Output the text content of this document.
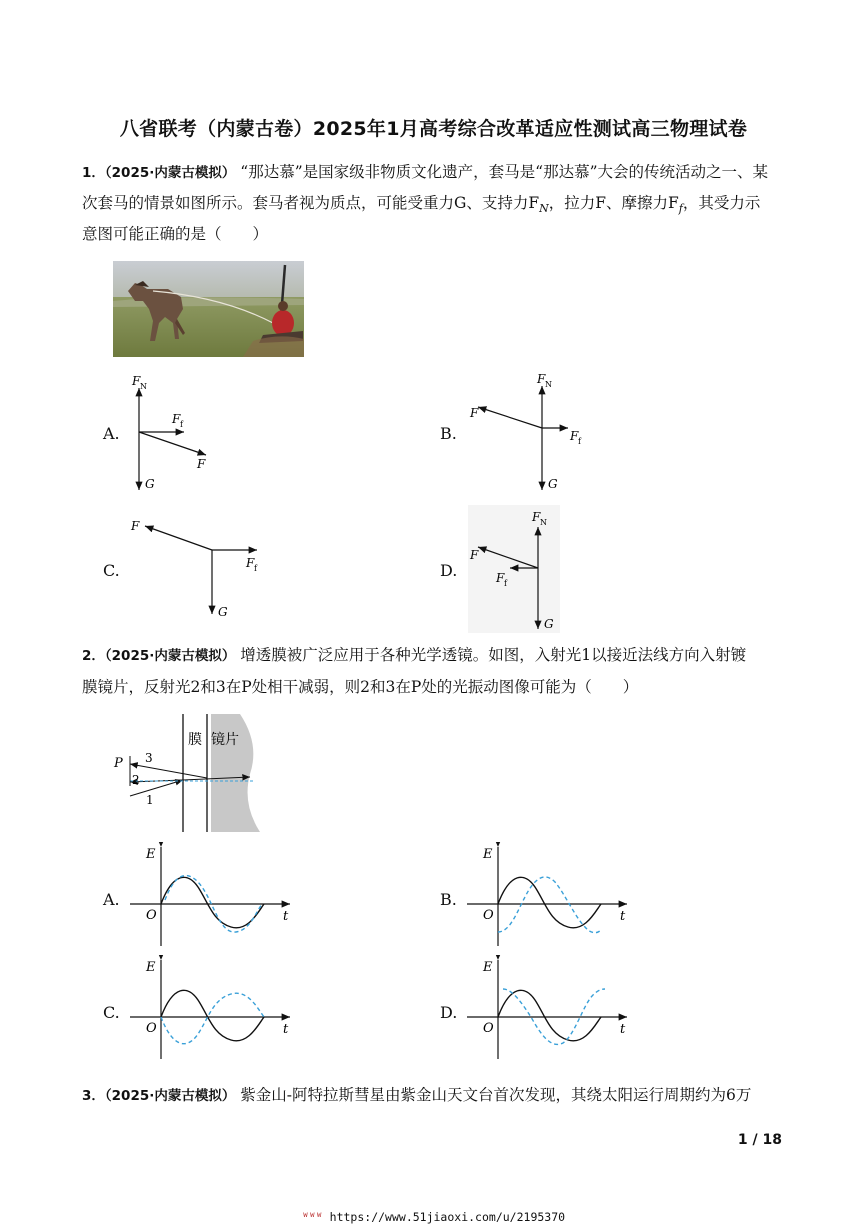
八省联考（内蒙古卷）2025年1月高考综合改革适应性测试高三物理试卷
1．（2025·内蒙古模拟） “那达慕”是国家级非物质文化遗产，套马是“那达慕”大会的传统活动之一、某
次套马的情景如图所示。套马者视为质点，可能受重力G、支持力$F_N$，拉力F、摩擦力$F_f$，其受力示
意图可能正确的是（　　）
A.
F N
F f
F
G
B.
F N
F f
F
G
C.
F
F f
G
D.
F N
F f
F
G
2．（2025·内蒙古模拟） 增透膜被广泛应用于各种光学透镜。如图，入射光1以接近法线方向入射镀
膜镜片，反射光2和3在P处相干减弱，则2和3在P处的光振动图像可能为（　　）
膜 镜片
P 3
2
1
A.	B.
C.	D.
E
O	t
E
O	t
E
O	t
E
O	t
3．（2025·内蒙古模拟） 紫金山-阿特拉斯彗星由紫金山天文台首次发现，其绕太阳运行周期约为6万
1 / 18
ᵂᵂᵂ https://www.51jiaoxi.com/u/2195370
